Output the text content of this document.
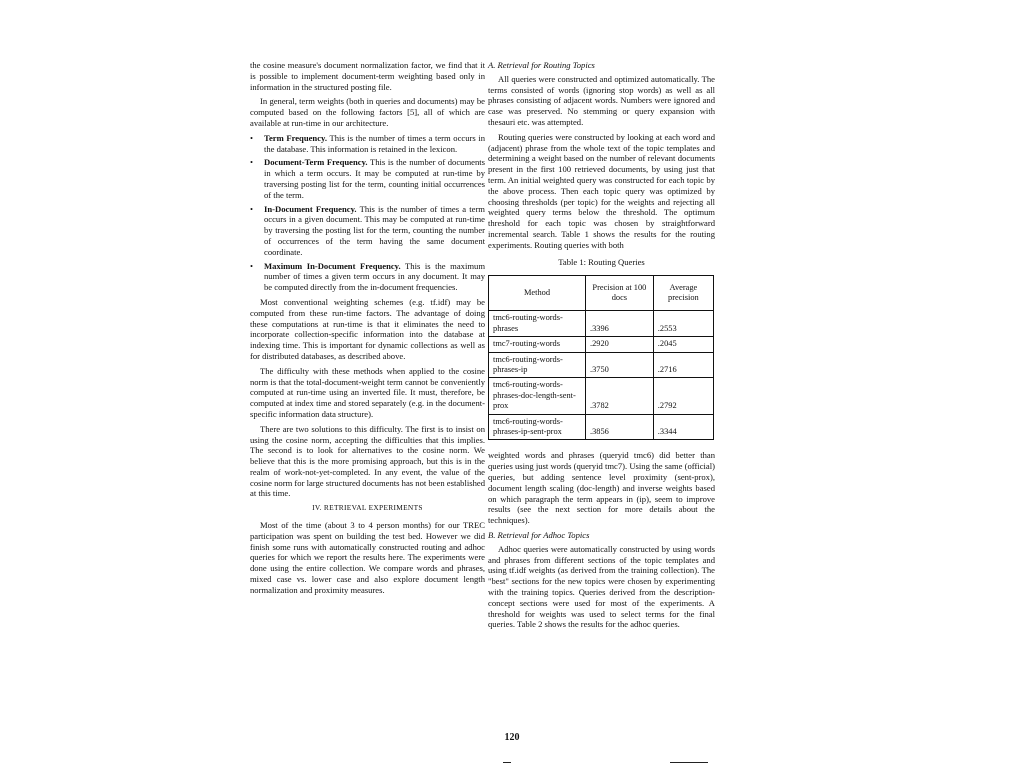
the cosine measure's document normalization factor, we find that it is possible to implement document-term weighting based only in information in the structured posting file.

In general, term weights (both in queries and documents) may be computed based on the following factors [5], all of which are available at run-time in our architecture.

• Term Frequency. This is the number of times a term occurs in the database. This information is retained in the lexicon.
• Document-Term Frequency. This is the number of documents in which a term occurs. It may be computed at run-time by traversing posting list for the term, counting initial occurrences of the term.
• In-Document Frequency. This is the number of times a term occurs in a given document. This may be computed at run-time by traversing the posting list for the term, counting the number of occurrences of the term having the same document coordinate.
• Maximum In-Document Frequency. This is the maximum number of times a given term occurs in any document. It may be computed directly from the in-document frequencies.

Most conventional weighting schemes (e.g. tf.idf) may be computed from these run-time factors. The advantage of doing these computations at run-time is that it eliminates the need to incorporate collection-specific information into the database at indexing time. This is important for dynamic collections as well as for distributed databases, as described above.

The difficulty with these methods when applied to the cosine norm is that the total-document-weight term cannot be conveniently computed at run-time using an inverted file. It must, therefore, be computed at index time and stored separately (e.g. in the document-specific information data structure).

There are two solutions to this difficulty. The first is to insist on using the cosine norm, accepting the difficulties that this implies. The second is to look for alternatives to the cosine norm. We believe that this is the more promising approach, but this is in the realm of work-not-yet-completed. In any event, the value of the cosine norm for large structured documents has not been established at this time.

IV. RETRIEVAL EXPERIMENTS

Most of the time (about 3 to 4 person months) for our TREC participation was spent on building the test bed. However we did finish some runs with automatically constructed routing and adhoc queries for which we report the results here. The experiments were done using the entire collection. We compare words and phrases, mixed case vs. lower case and also explore document length normalization and proximity measures.

A. Retrieval for Routing Topics

All queries were constructed and optimized automatically. The terms consisted of words (ignoring stop words) as well as all phrases consisting of adjacent words. Numbers were ignored and case was preserved. No stemming or query expansion with thesauri etc. was attempted.

Routing queries were constructed by looking at each word and (adjacent) phrase from the whole text of the topic templates and determining a weight based on the number of relevant documents present in the first 100 retrieved documents, by using just that term. An initial weighted query was constructed for each topic by the above process. Then each topic query was optimized by choosing thresholds (per topic) for the weights and rejecting all weighted query terms below the threshold. The optimum threshold for each topic was chosen by straightforward incremental search. Table 1 shows the results for the routing experiments. Routing queries with both

Table 1: Routing Queries
Method	Precision at 100 docs	Average precision
tmc6-routing-words-phrases	.3396	.2553
tmc7-routing-words	.2920	.2045
tmc6-routing-words-phrases-ip	.3750	.2716
tmc6-routing-words-phrases-doc-length-sent-prox	.3782	.2792
tmc6-routing-words-phrases-ip-sent-prox	.3856	.3344

weighted words and phrases (queryid tmc6) did better than queries using just words (queryid tmc7). Using the same (official) queries, but adding sentence level proximity (sent-prox), document length scaling (doc-length) and inverse weights based on which paragraph the term appears in (ip), seem to improve results (see the next section for more details about the techniques).

B. Retrieval for Adhoc Topics

Adhoc queries were automatically constructed by using words and phrases from different sections of the topic templates and using tf.idf weights (as derived from the training collection). The "best" sections for the new topics were chosen by experimenting with the training topics. Queries derived from the description-concept sections were used for most of the experiments. A threshold for weights was used to select terms for the final queries. Table 2 shows the results for the adhoc queries.

120
